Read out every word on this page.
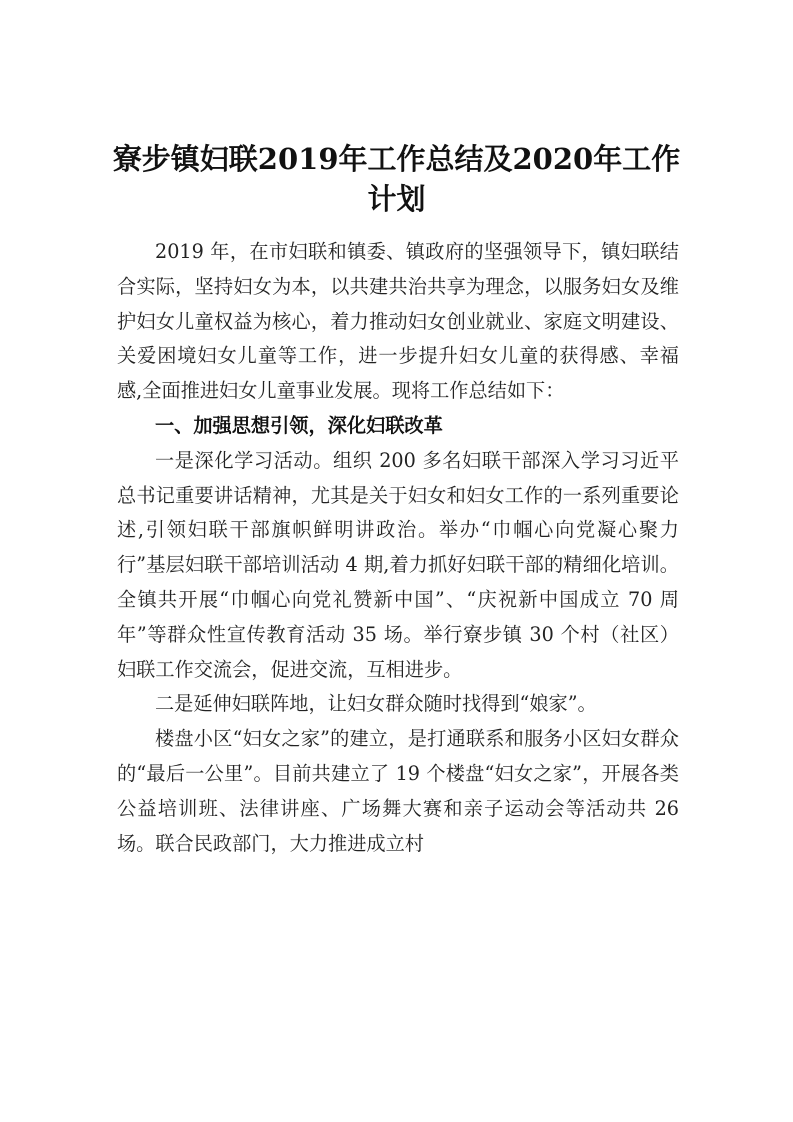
寮步镇妇联2019年工作总结及2020年工作
计划

2019 年，在市妇联和镇委、镇政府的坚强领导下，镇妇联结合实际，坚持妇女为本，以共建共治共享为理念，以服务妇女及维护妇女儿童权益为核心，着力推动妇女创业就业、家庭文明建设、关爱困境妇女儿童等工作，进一步提升妇女儿童的获得感、幸福感,全面推进妇女儿童事业发展。现将工作总结如下：

一、加强思想引领，深化妇联改革

一是深化学习活动。组织 200 多名妇联干部深入学习习近平总书记重要讲话精神，尤其是关于妇女和妇女工作的一系列重要论述,引领妇联干部旗帜鲜明讲政治。举办“巾帼心向党凝心聚力行”基层妇联干部培训活动 4 期,着力抓好妇联干部的精细化培训。全镇共开展“巾帼心向党礼赞新中国”、“庆祝新中国成立 70 周年”等群众性宣传教育活动 35 场。举行寮步镇 30 个村（社区）妇联工作交流会，促进交流，互相进步。

二是延伸妇联阵地，让妇女群众随时找得到“娘家”。

楼盘小区“妇女之家”的建立，是打通联系和服务小区妇女群众的“最后一公里”。目前共建立了 19 个楼盘“妇女之家”，开展各类公益培训班、法律讲座、广场舞大赛和亲子运动会等活动共 26 场。联合民政部门，大力推进成立村
